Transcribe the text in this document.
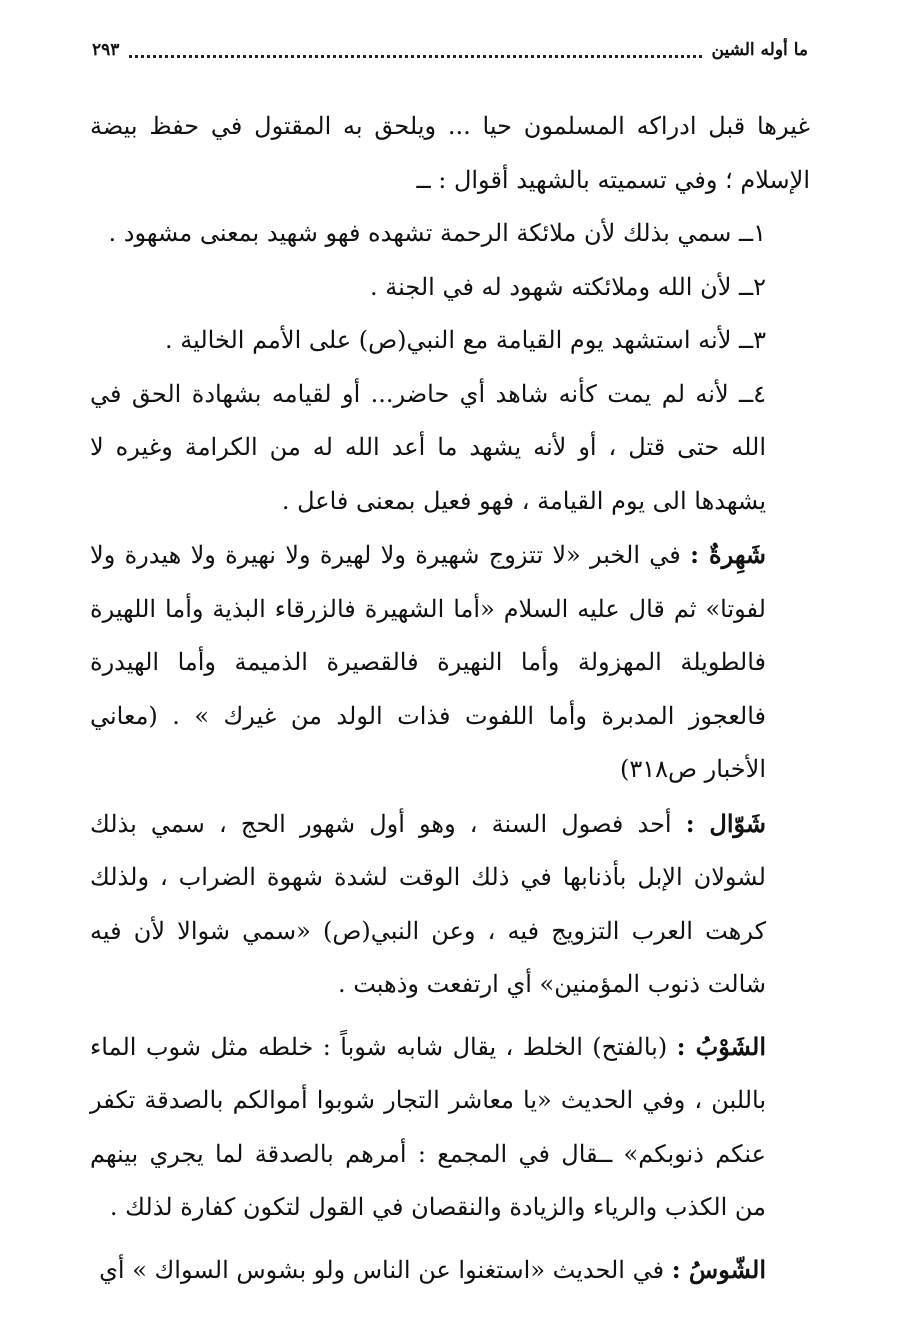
ما أوله الشين
٢٩٣

غيرها قبل ادراكه المسلمون حيا ... ويلحق به المقتول في حفظ بيضة الإسلام ؛ وفي تسميته بالشهيد أقوال : ــ

١ــ سمي بذلك لأن ملائكة الرحمة تشهده فهو شهيد بمعنى مشهود .

٢ــ لأن الله وملائكته شهود له في الجنة .

٣ــ لأنه استشهد يوم القيامة مع النبي(ص) على الأمم الخالية .

٤ــ لأنه لم يمت كأنه شاهد أي حاضر... أو لقيامه بشهادة الحق في الله حتى قتل ، أو لأنه يشهد ما أعد الله له من الكرامة وغيره لا يشهدها الى يوم القيامة ، فهو فعيل بمعنى فاعل .

شَهِرةٌ : في الخبر «لا تتزوج شهيرة ولا لهيرة ولا نهيرة ولا هيدرة ولا لفوتا» ثم قال عليه السلام «أما الشهيرة فالزرقاء البذية وأما اللهيرة فالطويلة المهزولة وأما النهيرة فالقصيرة الذميمة وأما الهيدرة فالعجوز المدبرة وأما اللفوت فذات الولد من غيرك » . (معاني الأخبار ص٣١٨)

شَوّال : أحد فصول السنة ، وهو أول شهور الحج ، سمي بذلك لشولان الإبل بأذنابها في ذلك الوقت لشدة شهوة الضراب ، ولذلك كرهت العرب التزويج فيه ، وعن النبي(ص) «سمي شوالا لأن فيه شالت ذنوب المؤمنين» أي ارتفعت وذهبت .

الشَوْبُ : (بالفتح) الخلط ، يقال شابه شوباً : خلطه مثل شوب الماء باللبن ، وفي الحديث «يا معاشر التجار شوبوا أموالكم بالصدقة تكفر عنكم ذنوبكم» ــقال في المجمع : أمرهم بالصدقة لما يجري بينهم من الكذب والرياء والزيادة والنقصان في القول لتكون كفارة لذلك .

الشّوسُ : في الحديث «استغنوا عن الناس ولو بشوس السواك » أي
